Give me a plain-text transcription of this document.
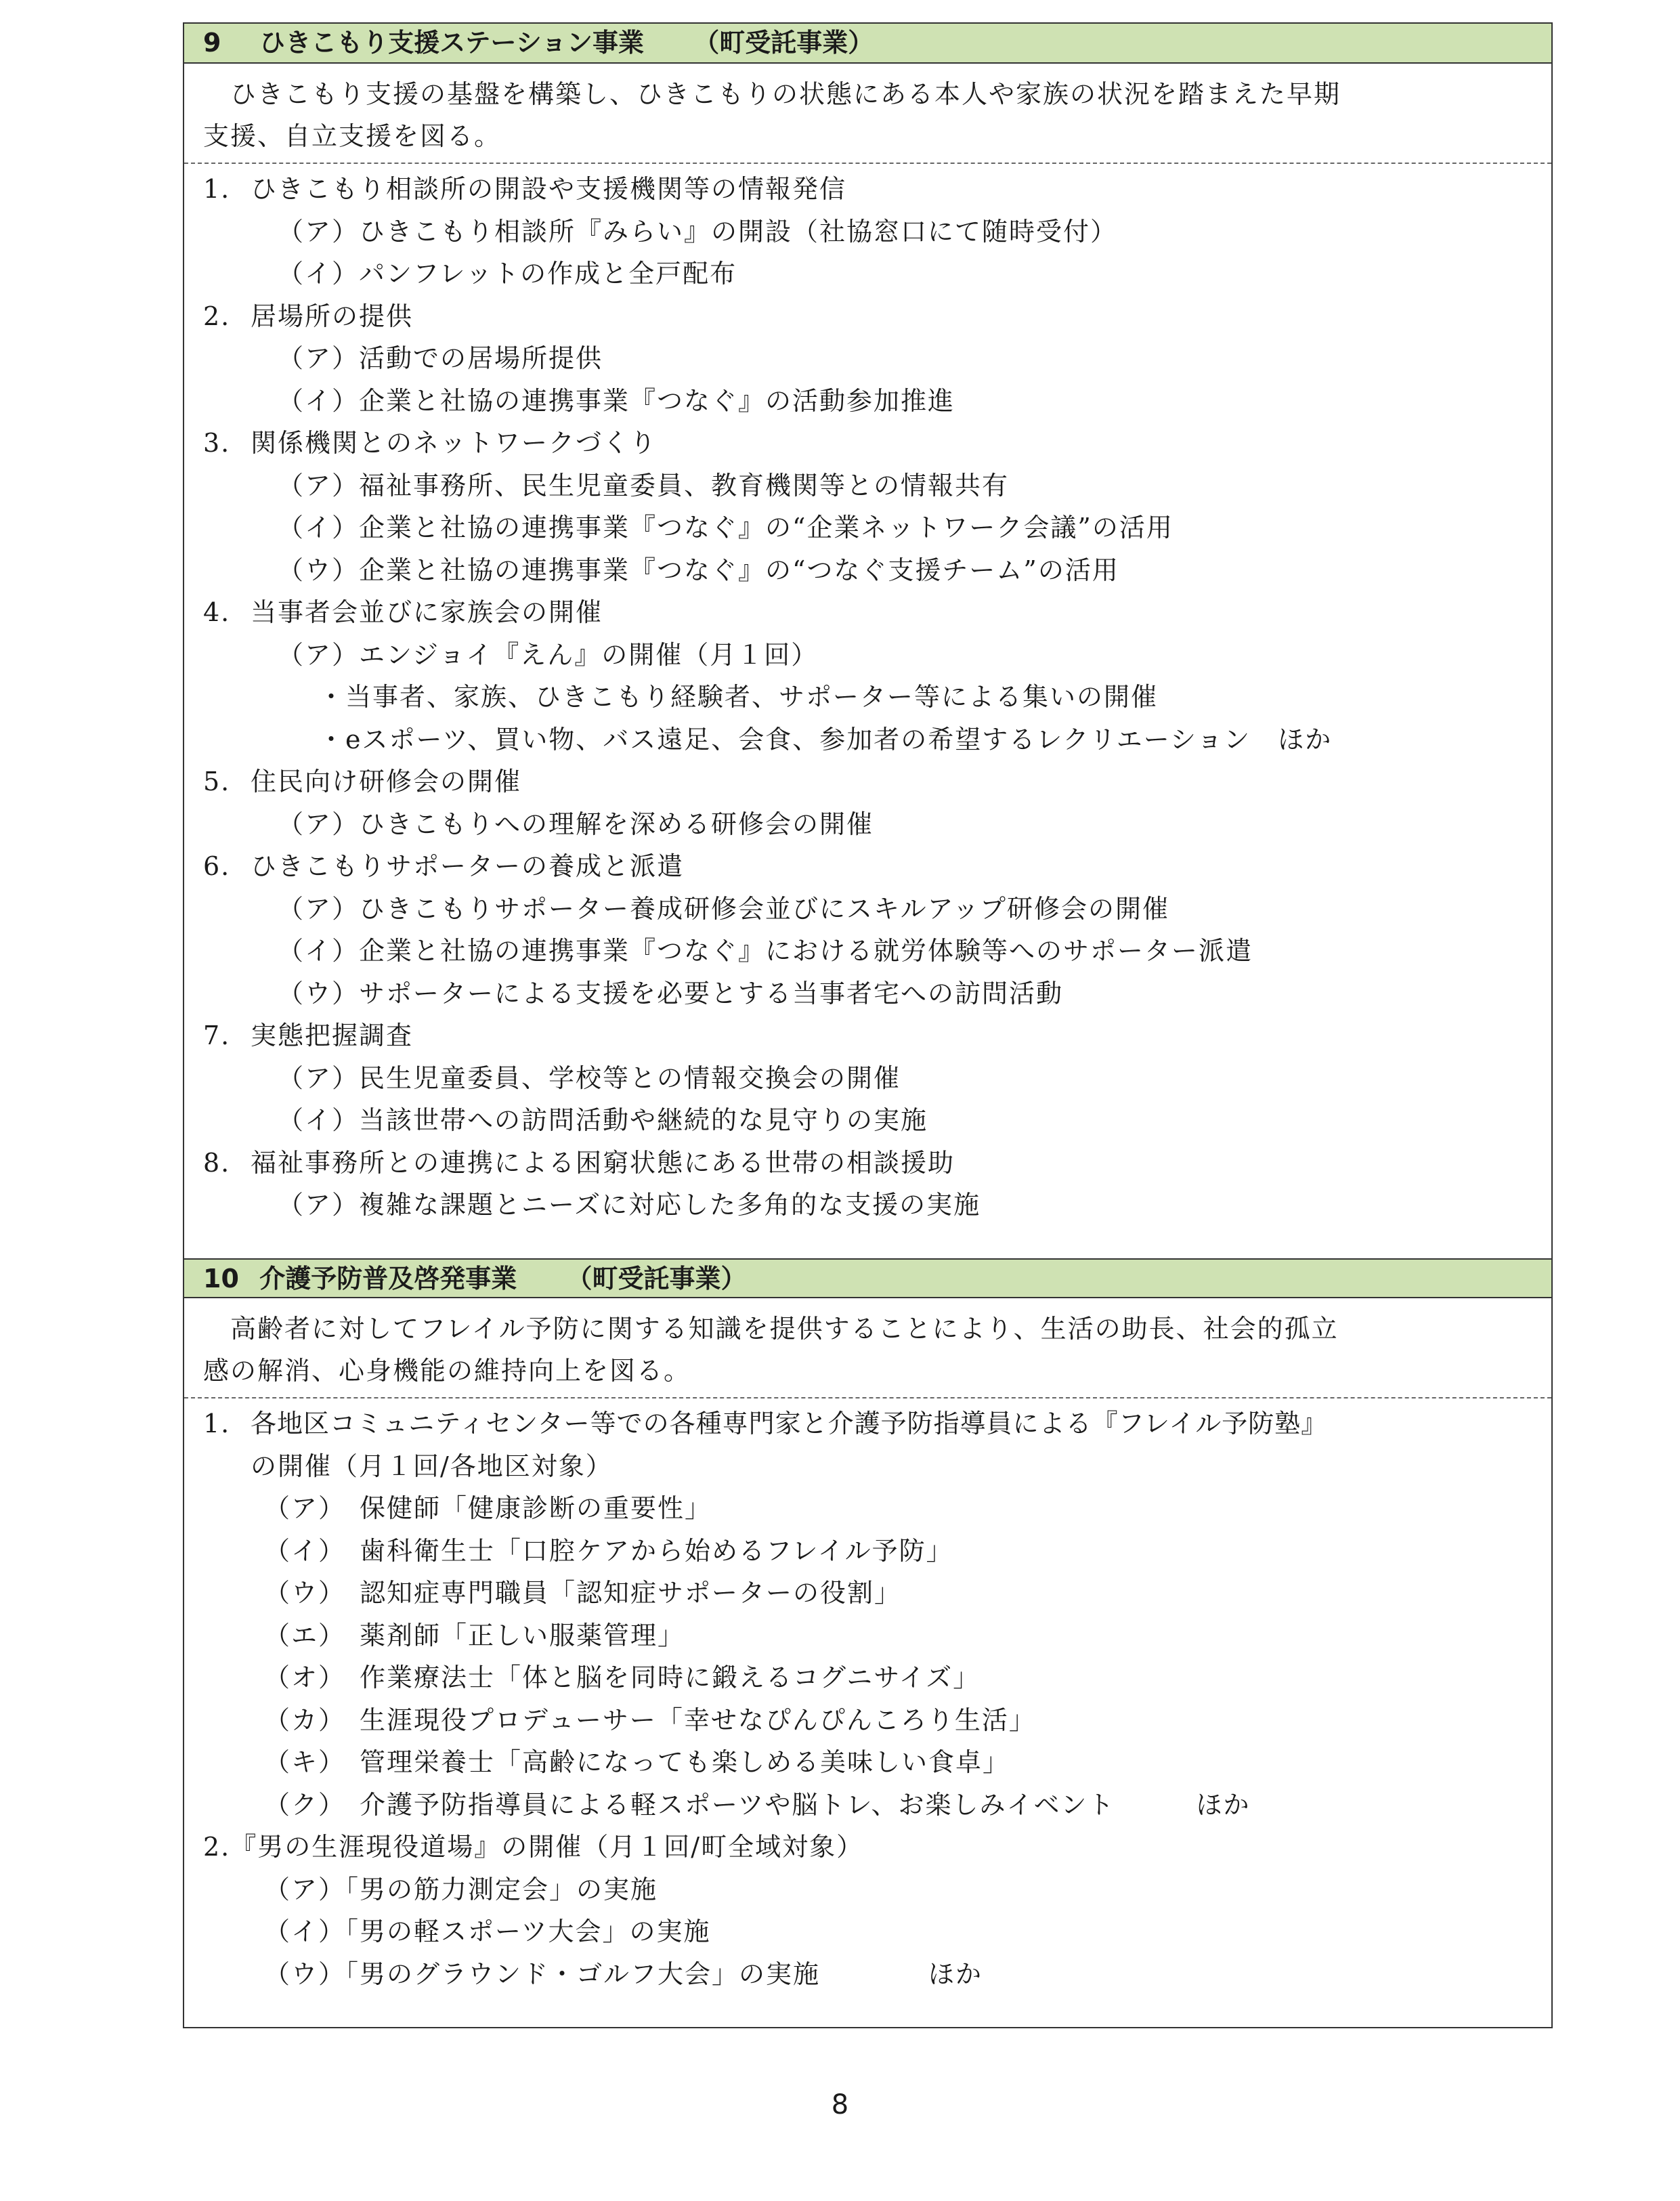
9 ひきこもり支援ステーション事業 （町受託事業）
ひきこもり支援の基盤を構築し、ひきこもりの状態にある本人や家族の状況を踏まえた早期
支援、自立支援を図る。
1. ひきこもり相談所の開設や支援機関等の情報発信
（ア）ひきこもり相談所『みらい』の開設（社協窓口にて随時受付）
（イ）パンフレットの作成と全戸配布
2. 居場所の提供
（ア）活動での居場所提供
（イ）企業と社協の連携事業『つなぐ』の活動参加推進
3. 関係機関とのネットワークづくり
（ア）福祉事務所、民生児童委員、教育機関等との情報共有
（イ）企業と社協の連携事業『つなぐ』の“企業ネットワーク会議”の活用
（ウ）企業と社協の連携事業『つなぐ』の“つなぐ支援チーム”の活用
4. 当事者会並びに家族会の開催
（ア）エンジョイ『えん』の開催（月１回）
・当事者、家族、ひきこもり経験者、サポーター等による集いの開催
・eスポーツ、買い物、バス遠足、会食、参加者の希望するレクリエーション　ほか
5. 住民向け研修会の開催
（ア）ひきこもりへの理解を深める研修会の開催
6. ひきこもりサポーターの養成と派遣
（ア）ひきこもりサポーター養成研修会並びにスキルアップ研修会の開催
（イ）企業と社協の連携事業『つなぐ』における就労体験等へのサポーター派遣
（ウ）サポーターによる支援を必要とする当事者宅への訪問活動
7. 実態把握調査
（ア）民生児童委員、学校等との情報交換会の開催
（イ）当該世帯への訪問活動や継続的な見守りの実施
8. 福祉事務所との連携による困窮状態にある世帯の相談援助
（ア）複雑な課題とニーズに対応した多角的な支援の実施
10 介護予防普及啓発事業 （町受託事業）
高齢者に対してフレイル予防に関する知識を提供することにより、生活の助長、社会的孤立
感の解消、心身機能の維持向上を図る。
1. 各地区コミュニティセンター等での各種専門家と介護予防指導員による『フレイル予防塾』
の開催（月１回/各地区対象）
（ア）　保健師「健康診断の重要性」
（イ）　歯科衛生士「口腔ケアから始めるフレイル予防」
（ウ）　認知症専門職員「認知症サポーターの役割」
（エ）　薬剤師「正しい服薬管理」
（オ）　作業療法士「体と脳を同時に鍛えるコグニサイズ」
（カ）　生涯現役プロデューサー「幸せなぴんぴんころり生活」
（キ）　管理栄養士「高齢になっても楽しめる美味しい食卓」
（ク）　介護予防指導員による軽スポーツや脳トレ、お楽しみイベント　　　ほか
2.『男の生涯現役道場』の開催（月１回/町全域対象）
（ア）「男の筋力測定会」の実施
（イ）「男の軽スポーツ大会」の実施
（ウ）「男のグラウンド・ゴルフ大会」の実施　　　　ほか
8
